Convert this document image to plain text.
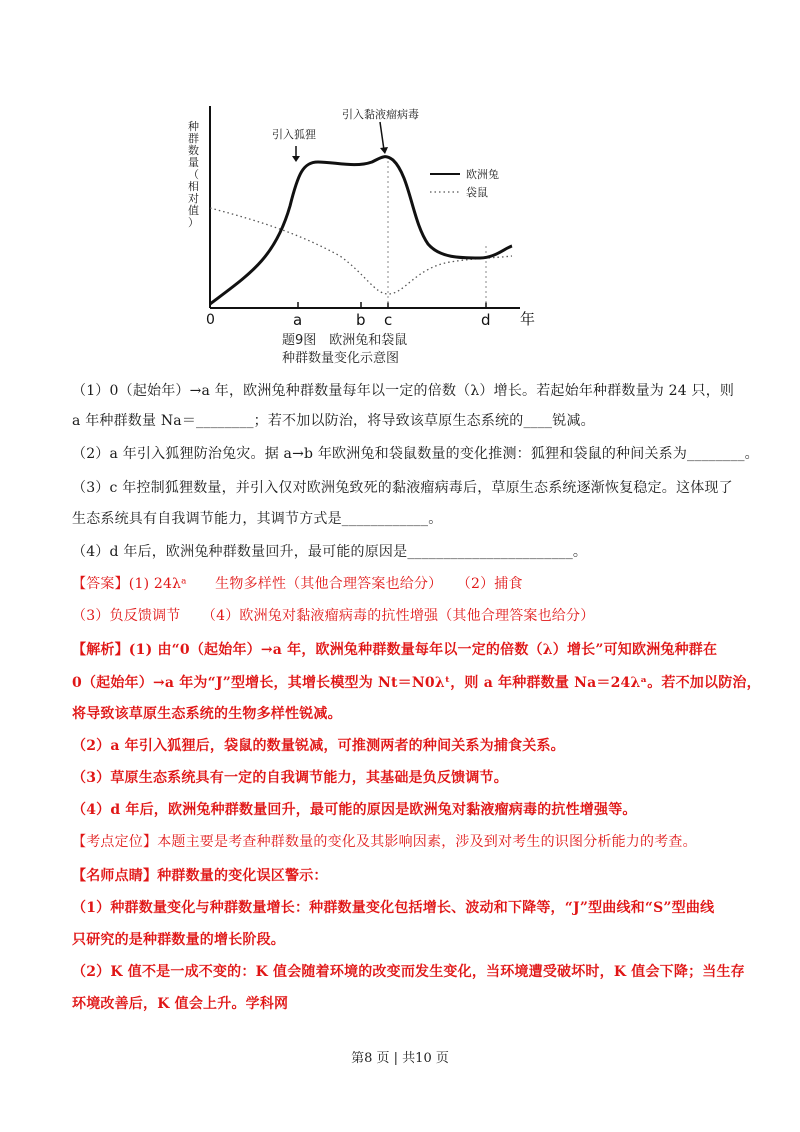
种
群
数
量
（
相
对
值
）
引入狐狸
引入黏液瘤病毒
欧洲兔
袋鼠
0	a	b c	d 年
题9图　欧洲兔和袋鼠
种群数量变化示意图
（1）0（起始年）→a 年，欧洲兔种群数量每年以一定的倍数（λ）增长。若起始年种群数量为 24 只，则
a 年种群数量 Na＝________；若不加以防治，将导致该草原生态系统的____锐减。
（2）a 年引入狐狸防治兔灾。据 a→b 年欧洲兔和袋鼠数量的变化推测：狐狸和袋鼠的种间关系为________。
（3）c 年控制狐狸数量，并引入仅对欧洲兔致死的黏液瘤病毒后，草原生态系统逐渐恢复稳定。这体现了
生态系统具有自我调节能力，其调节方式是____________。
（4）d 年后，欧洲兔种群数量回升，最可能的原因是_______________________。
【答案】(1) 24λᵃ　　生物多样性（其他合理答案也给分）　　（2）捕食
（3）负反馈调节　　（4）欧洲兔对黏液瘤病毒的抗性增强（其他合理答案也给分）
【解析】(1) 由“0（起始年）→a 年，欧洲兔种群数量每年以一定的倍数（λ）增长”可知欧洲兔种群在
0（起始年）→a 年为“J”型增长，其增长模型为 Nt＝N0λᵗ，则 a 年种群数量 Na＝24λᵃ。若不加以防治，
将导致该草原生态系统的生物多样性锐减。
（2）a 年引入狐狸后，袋鼠的数量锐减，可推测两者的种间关系为捕食关系。
（3）草原生态系统具有一定的自我调节能力，其基础是负反馈调节。
（4）d 年后，欧洲兔种群数量回升，最可能的原因是欧洲兔对黏液瘤病毒的抗性增强等。
【考点定位】本题主要是考查种群数量的变化及其影响因素，涉及到对考生的识图分析能力的考查。
【名师点睛】种群数量的变化误区警示：
（1）种群数量变化与种群数量增长：种群数量变化包括增长、波动和下降等，“J”型曲线和“S”型曲线
只研究的是种群数量的增长阶段。
（2）K 值不是一成不变的：K 值会随着环境的改变而发生变化，当环境遭受破坏时，K 值会下降；当生存
环境改善后，K 值会上升。学科网
第8 页 | 共10 页
